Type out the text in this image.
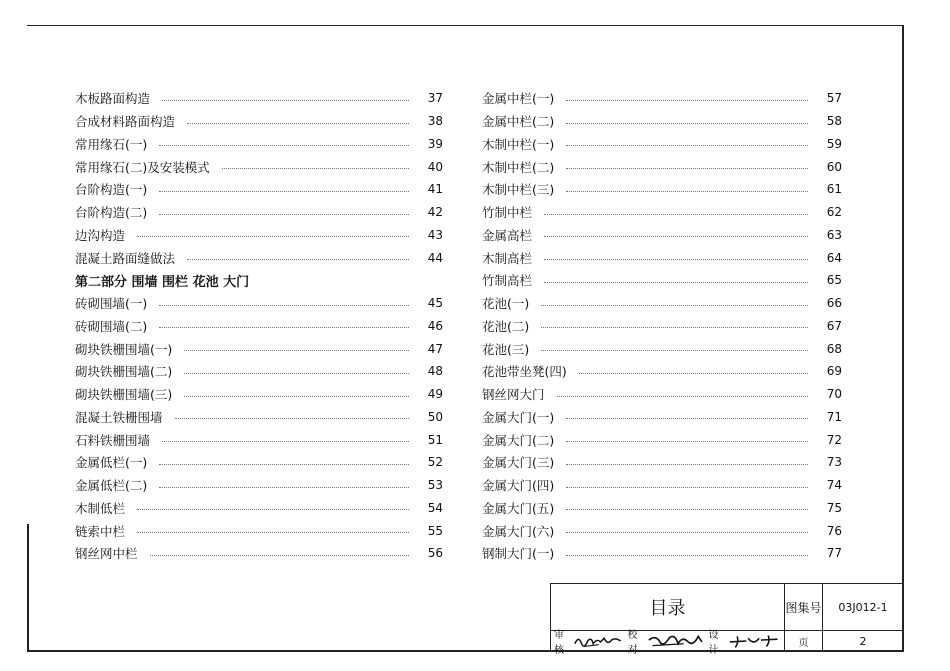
木板路面构造	37
合成材料路面构造	38
常用缘石(一)	39
常用缘石(二)及安装模式	40
台阶构造(一)	41
台阶构造(二)	42
边沟构造	43
混凝土路面缝做法	44
第二部分 围墙 围栏 花池 大门
砖砌围墙(一)	45
砖砌围墙(二)	46
砌块铁栅围墙(一)	47
砌块铁栅围墙(二)	48
砌块铁栅围墙(三)	49
混凝土铁栅围墙	50
石料铁栅围墙	51
金属低栏(一)	52
金属低栏(二)	53
木制低栏	54
链索中栏	55
钢丝网中栏	56
金属中栏(一)	57
金属中栏(二)	58
木制中栏(一)	59
木制中栏(二)	60
木制中栏(三)	61
竹制中栏	62
金属高栏	63
木制高栏	64
竹制高栏	65
花池(一)	66
花池(二)	67
花池(三)	68
花池带坐凳(四)	69
钢丝网大门	70
金属大门(一)	71
金属大门(二)	72
金属大门(三)	73
金属大门(四)	74
金属大门(五)	75
金属大门(六)	76
钢制大门(一)	77
目录	图集号	03J012-1
审核
校对
设计
页	2
